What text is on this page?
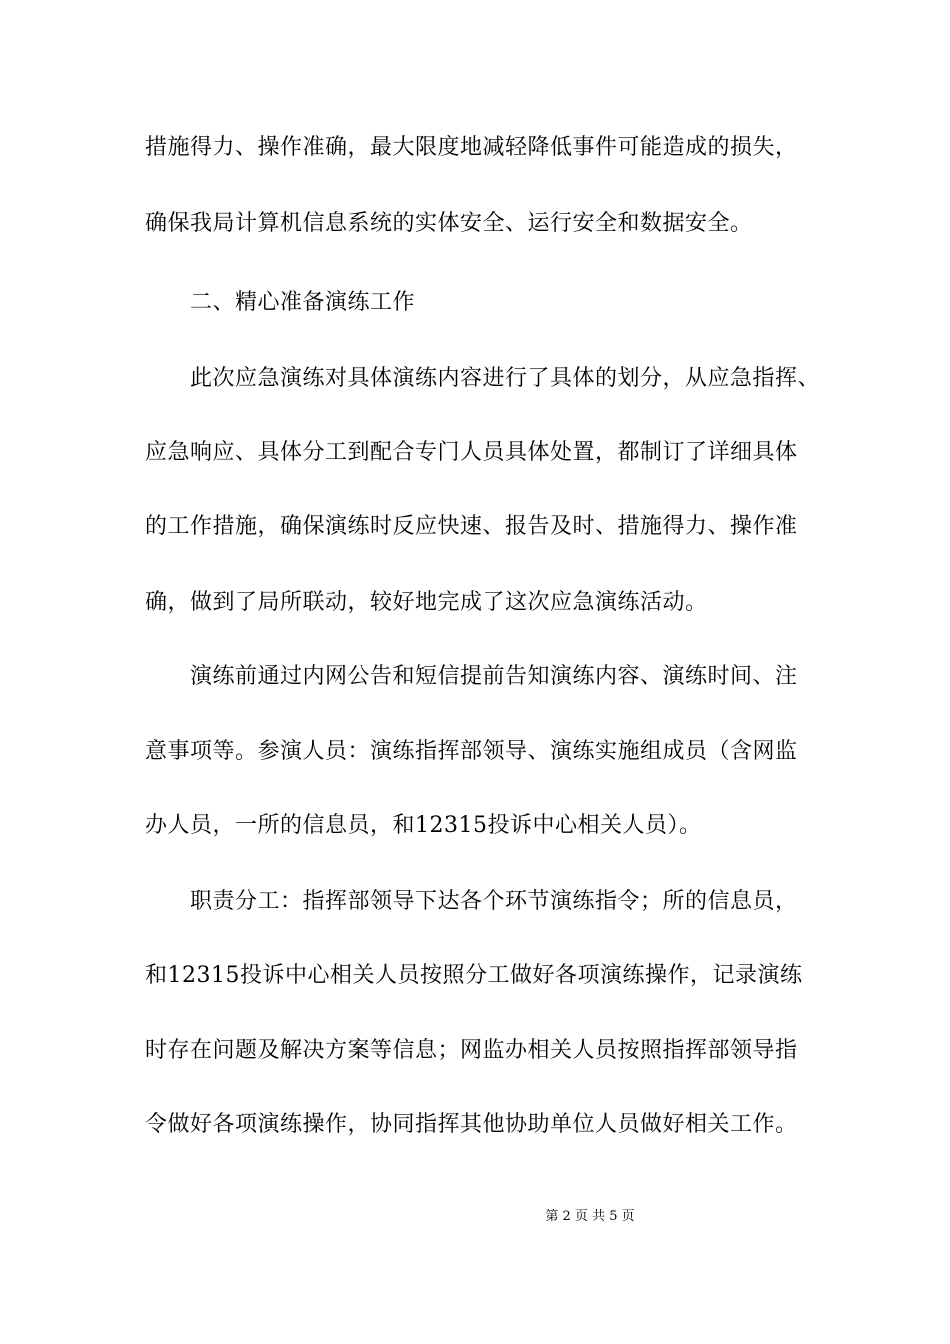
措施得力、操作准确，最大限度地减轻降低事件可能造成的损失，
确保我局计算机信息系统的实体安全、运行安全和数据安全。
二、精心准备演练工作
此次应急演练对具体演练内容进行了具体的划分，从应急指挥、
应急响应、具体分工到配合专门人员具体处置，都制订了详细具体
的工作措施，确保演练时反应快速、报告及时、措施得力、操作准
确，做到了局所联动，较好地完成了这次应急演练活动。
演练前通过内网公告和短信提前告知演练内容、演练时间、注
意事项等。参演人员：演练指挥部领导、演练实施组成员（含网监
办人员，一所的信息员，和12315投诉中心相关人员）。
职责分工：指挥部领导下达各个环节演练指令；所的信息员，
和12315投诉中心相关人员按照分工做好各项演练操作，记录演练
时存在问题及解决方案等信息；网监办相关人员按照指挥部领导指
令做好各项演练操作，协同指挥其他协助单位人员做好相关工作。
第 2 页 共 5 页
